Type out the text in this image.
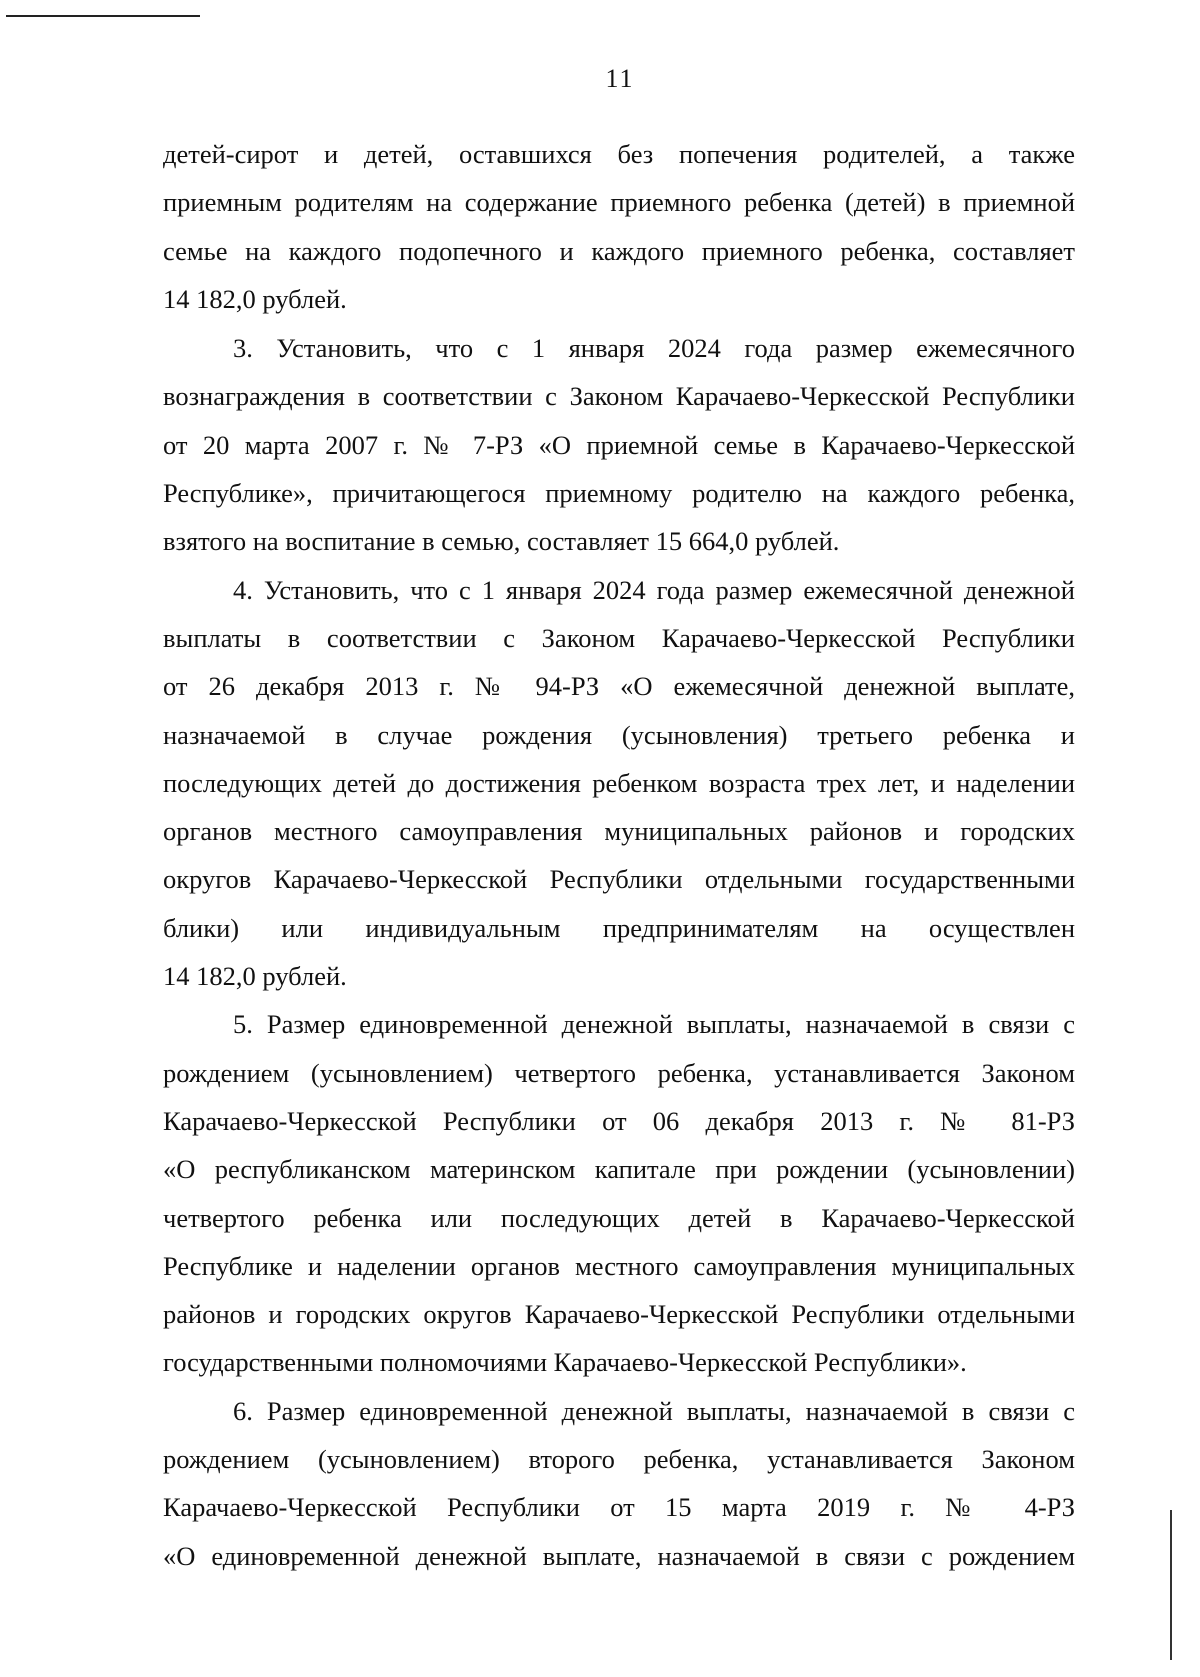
11
детей-сирот и детей, оставшихся без попечения родителей, а также
приемным родителям на содержание приемного ребенка (детей) в приемной
семье на каждого подопечного и каждого приемного ребенка, составляет
14 182,0 рублей.
3. Установить, что с 1 января 2024 года размер ежемесячного
вознаграждения в соответствии с Законом Карачаево-Черкесской Республики
от 20 марта 2007 г. № 7-РЗ «О приемной семье в Карачаево-Черкесской
Республике», причитающегося приемному родителю на каждого ребенка,
взятого на воспитание в семью, составляет 15 664,0 рублей.
4. Установить, что с 1 января 2024 года размер ежемесячной денежной
выплаты в соответствии с Законом Карачаево-Черкесской Республики
от 26 декабря 2013 г. № 94-РЗ «О ежемесячной денежной выплате,
назначаемой в случае рождения (усыновления) третьего ребенка и
последующих детей до достижения ребенком возраста трех лет, и наделении
органов местного самоуправления муниципальных районов и городских
округов Карачаево-Черкесской Республики отдельными государственными
блики) или индивидуальным предпринимателям на осуществлен
14 182,0 рублей.
5. Размер единовременной денежной выплаты, назначаемой в связи с
рождением (усыновлением) четвертого ребенка, устанавливается Законом
Карачаево-Черкесской Республики от 06 декабря 2013 г. № 81-РЗ
«О республиканском материнском капитале при рождении (усыновлении)
четвертого ребенка или последующих детей в Карачаево-Черкесской
Республике и наделении органов местного самоуправления муниципальных
районов и городских округов Карачаево-Черкесской Республики отдельными
государственными полномочиями Карачаево-Черкесской Республики».
6. Размер единовременной денежной выплаты, назначаемой в связи с
рождением (усыновлением) второго ребенка, устанавливается Законом
Карачаево-Черкесской Республики от 15 марта 2019 г. № 4-РЗ
«О единовременной денежной выплате, назначаемой в связи с рождением
